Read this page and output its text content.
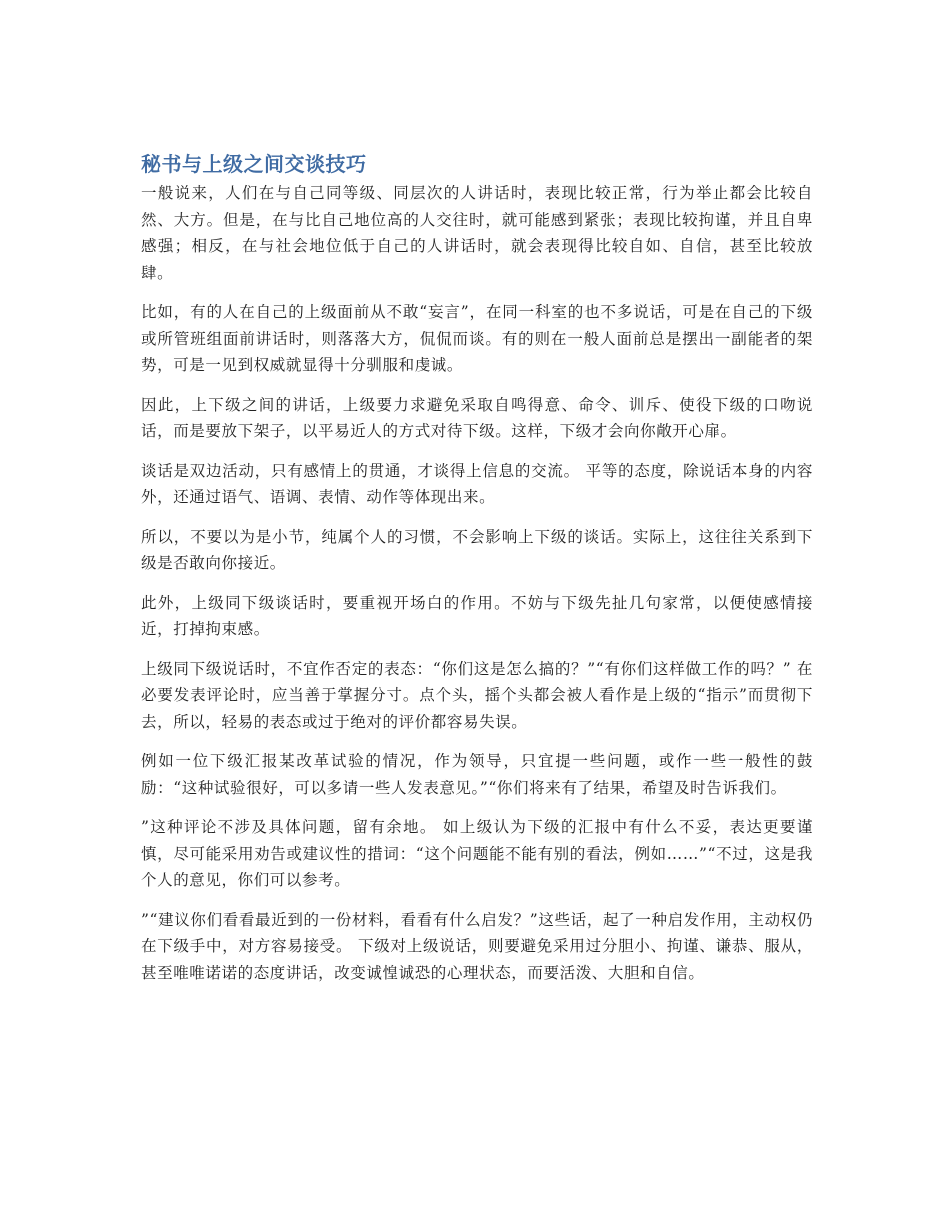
秘书与上级之间交谈技巧

一般说来，人们在与自己同等级、同层次的人讲话时，表现比较正常，行为举止都会比较自然、大方。但是，在与比自己地位高的人交往时，就可能感到紧张；表现比较拘谨，并且自卑感强；相反，在与社会地位低于自己的人讲话时，就会表现得比较自如、自信，甚至比较放肆。

比如，有的人在自己的上级面前从不敢“妄言”，在同一科室的也不多说话，可是在自己的下级或所管班组面前讲话时，则落落大方，侃侃而谈。有的则在一般人面前总是摆出一副能者的架势，可是一见到权威就显得十分驯服和虔诚。

因此，上下级之间的讲话，上级要力求避免采取自鸣得意、命令、训斥、使役下级的口吻说话，而是要放下架子，以平易近人的方式对待下级。这样，下级才会向你敞开心扉。

谈话是双边活动，只有感情上的贯通，才谈得上信息的交流。 平等的态度，除说话本身的内容外，还通过语气、语调、表情、动作等体现出来。

所以，不要以为是小节，纯属个人的习惯，不会影响上下级的谈话。实际上，这往往关系到下级是否敢向你接近。

此外，上级同下级谈话时，要重视开场白的作用。不妨与下级先扯几句家常，以便使感情接近，打掉拘束感。

上级同下级说话时，不宜作否定的表态：“你们这是怎么搞的？”“有你们这样做工作的吗？” 在必要发表评论时，应当善于掌握分寸。点个头，摇个头都会被人看作是上级的“指示”而贯彻下去，所以，轻易的表态或过于绝对的评价都容易失误。

例如一位下级汇报某改革试验的情况，作为领导，只宜提一些问题，或作一些一般性的鼓励：“这种试验很好，可以多请一些人发表意见。”“你们将来有了结果，希望及时告诉我们。

”这种评论不涉及具体问题，留有余地。 如上级认为下级的汇报中有什么不妥，表达更要谨慎，尽可能采用劝告或建议性的措词：“这个问题能不能有别的看法，例如……”“不过，这是我个人的意见，你们可以参考。

”“建议你们看看最近到的一份材料，看看有什么启发？”这些话，起了一种启发作用，主动权仍在下级手中，对方容易接受。 下级对上级说话，则要避免采用过分胆小、拘谨、谦恭、服从，甚至唯唯诺诺的态度讲话，改变诚惶诚恐的心理状态，而要活泼、大胆和自信。
